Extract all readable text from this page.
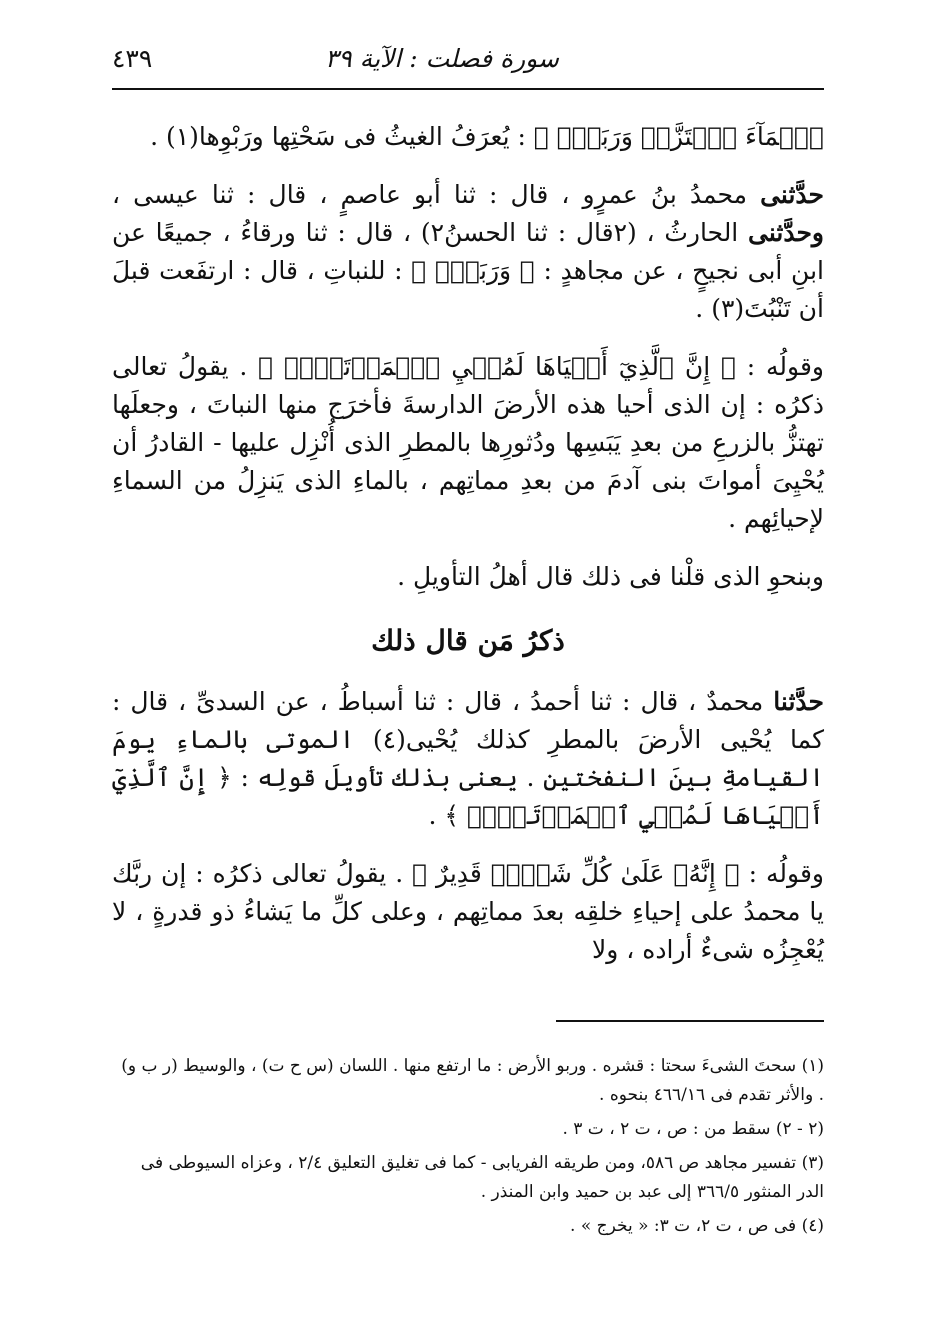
سورة فصلت : الآية ٣٩
٤٣٩

ٱلۡمَآءَ ٱهۡتَزَّتۡ وَرَبَتۡۚ ﴾ : يُعرَفُ الغيثُ فى سَحْتِها ورَبْوِها(١) .

حدَّثنى محمدُ بنُ عمرٍو ، قال : ثنا أبو عاصمٍ ، قال : ثنا عيسى ، وحدَّثنى الحارثُ ، (٢قال : ثنا الحسنُ٢) ، قال : ثنا ورقاءُ ، جميعًا عن ابنِ أبى نجيحٍ ، عن مجاهدٍ : ﴿ وَرَبَتۡۚ ﴾ : للنباتِ ، قال : ارتفَعت قبلَ أن تَنْبُتَ(٣) .

وقولُه : ﴿ إِنَّ ٱلَّذِيٓ أَحۡيَاهَا لَمُحۡيِ ٱلۡمَوۡتَىٰٓۚ ﴾ . يقولُ تعالى ذكرُه : إن الذى أحيا هذه الأرضَ الدارسةَ فأخرَج منها النباتَ ، وجعلَها تهتزُّ بالزرعِ من بعدِ يَبَسِها ودُثورِها بالمطرِ الذى أُنْزِل عليها - القادرُ أن يُحْيِىَ أمواتَ بنى آدمَ من بعدِ مماتِهم ، بالماءِ الذى يَنزِلُ من السماءِ لإحيائِهم .

وبنحوِ الذى قلْنا فى ذلك قال أهلُ التأويلِ .

ذكرُ مَن قال ذلك

حدَّثنا محمدٌ ، قال : ثنا أحمدُ ، قال : ثنا أسباطُ ، عن السدىِّ ، قال : كما يُحْيى الأرضَ بالمطرِ كذلك يُحْيى(٤) الموتى بالماءِ يومَ القيامةِ بينَ النفختين . يعنى بذلك تأويلَ قولِه : ﴿ إِنَّ ٱلَّذِيٓ أَحۡيَاهَا لَمُحۡيِ ٱلۡمَوۡتَىٰٓۚ ﴾ .

وقولُه : ﴿ إِنَّهُۥ عَلَىٰ كُلِّ شَيۡءٖ قَدِيرٌ ﴾ . يقولُ تعالى ذكرُه : إن ربَّك يا محمدُ على إحياءِ خلقِه بعدَ مماتِهم ، وعلى كلِّ ما يَشاءُ ذو قدرةٍ ، لا يُعْجِزُه شىءٌ أراده ، ولا

(١) سحتَ الشىءَ سحتا : قشره . وربو الأرض : ما ارتفع منها . اللسان (س ح ت) ، والوسيط (ر ب و) . والأثر تقدم فى ٤٦٦/١٦ بنحوه .

(٢ - ٢) سقط من : ص ، ت ٢ ، ت ٣ .

(٣) تفسير مجاهد ص ٥٨٦، ومن طريقه الفريابى - كما فى تغليق التعليق ٢/٤ ، وعزاه السيوطى فى الدر المنثور ٣٦٦/٥ إلى عبد بن حميد وابن المنذر .

(٤) فى ص ، ت ٢، ت ٣: « يخرج » .
